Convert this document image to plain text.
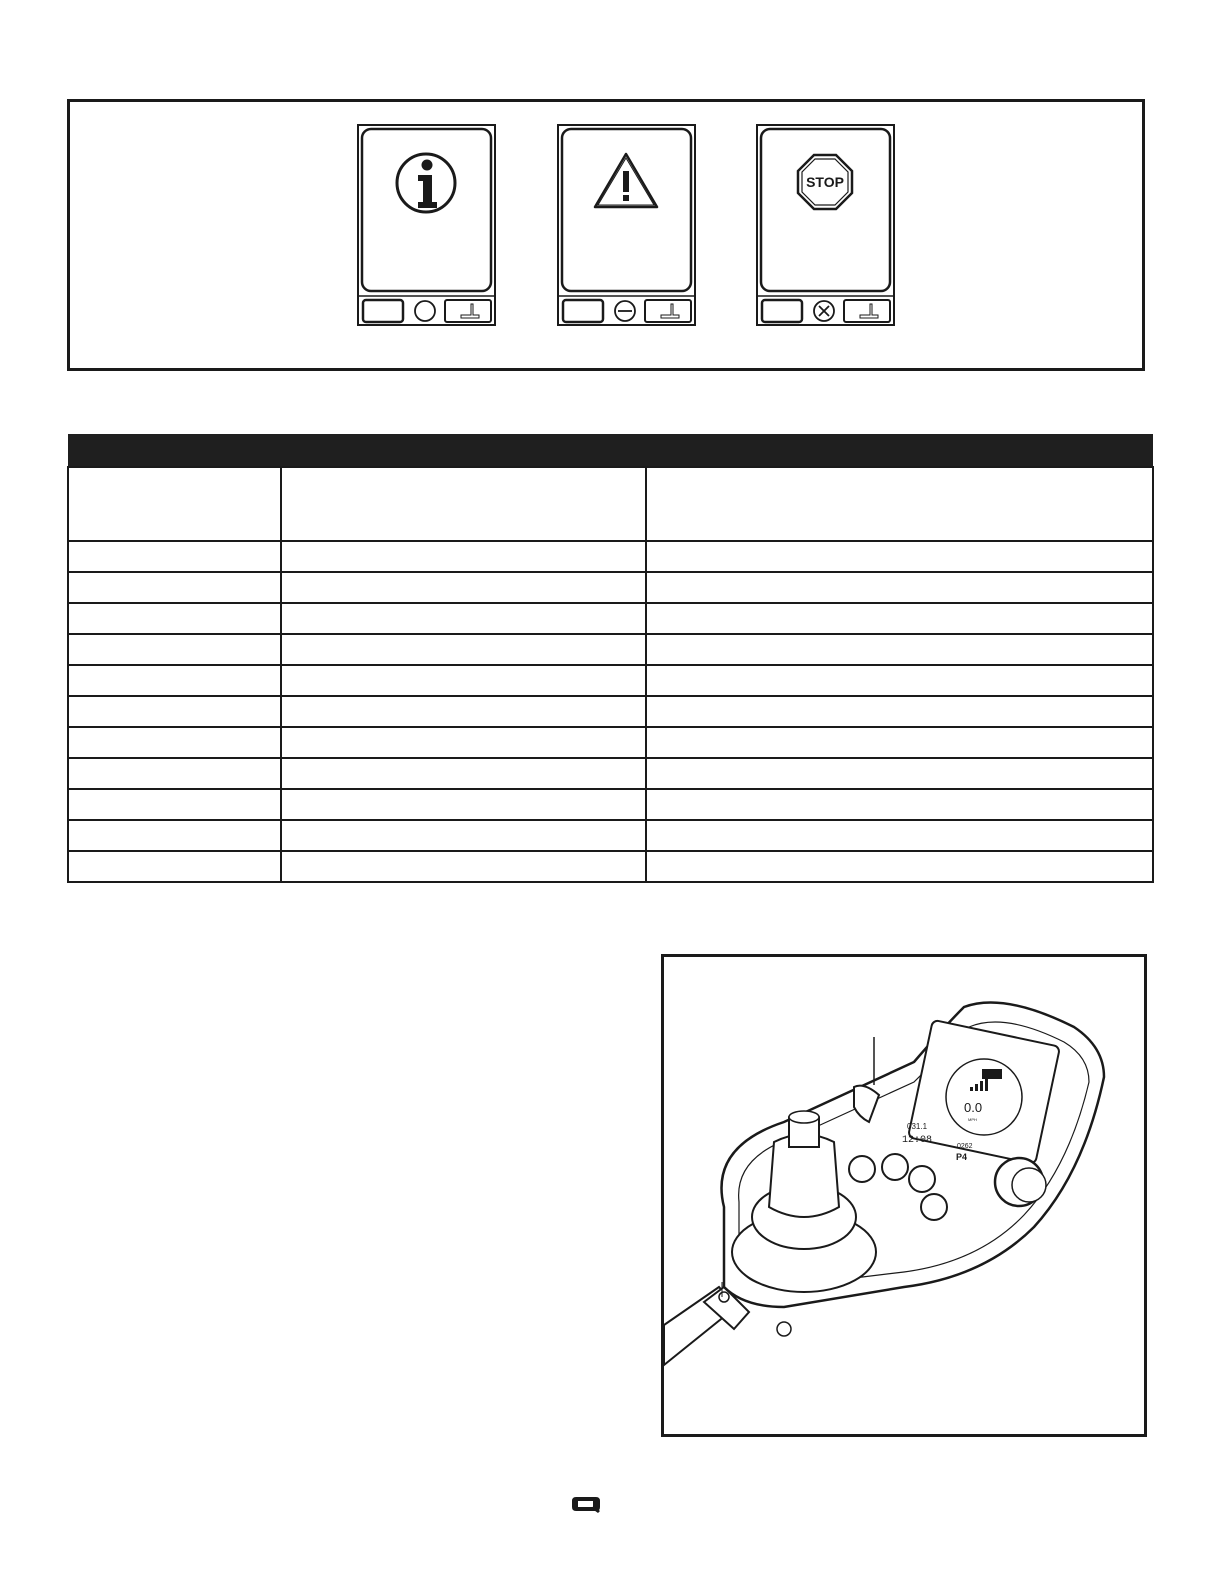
STOP

0.0
MPH
031.1
12:08
0262
P4
